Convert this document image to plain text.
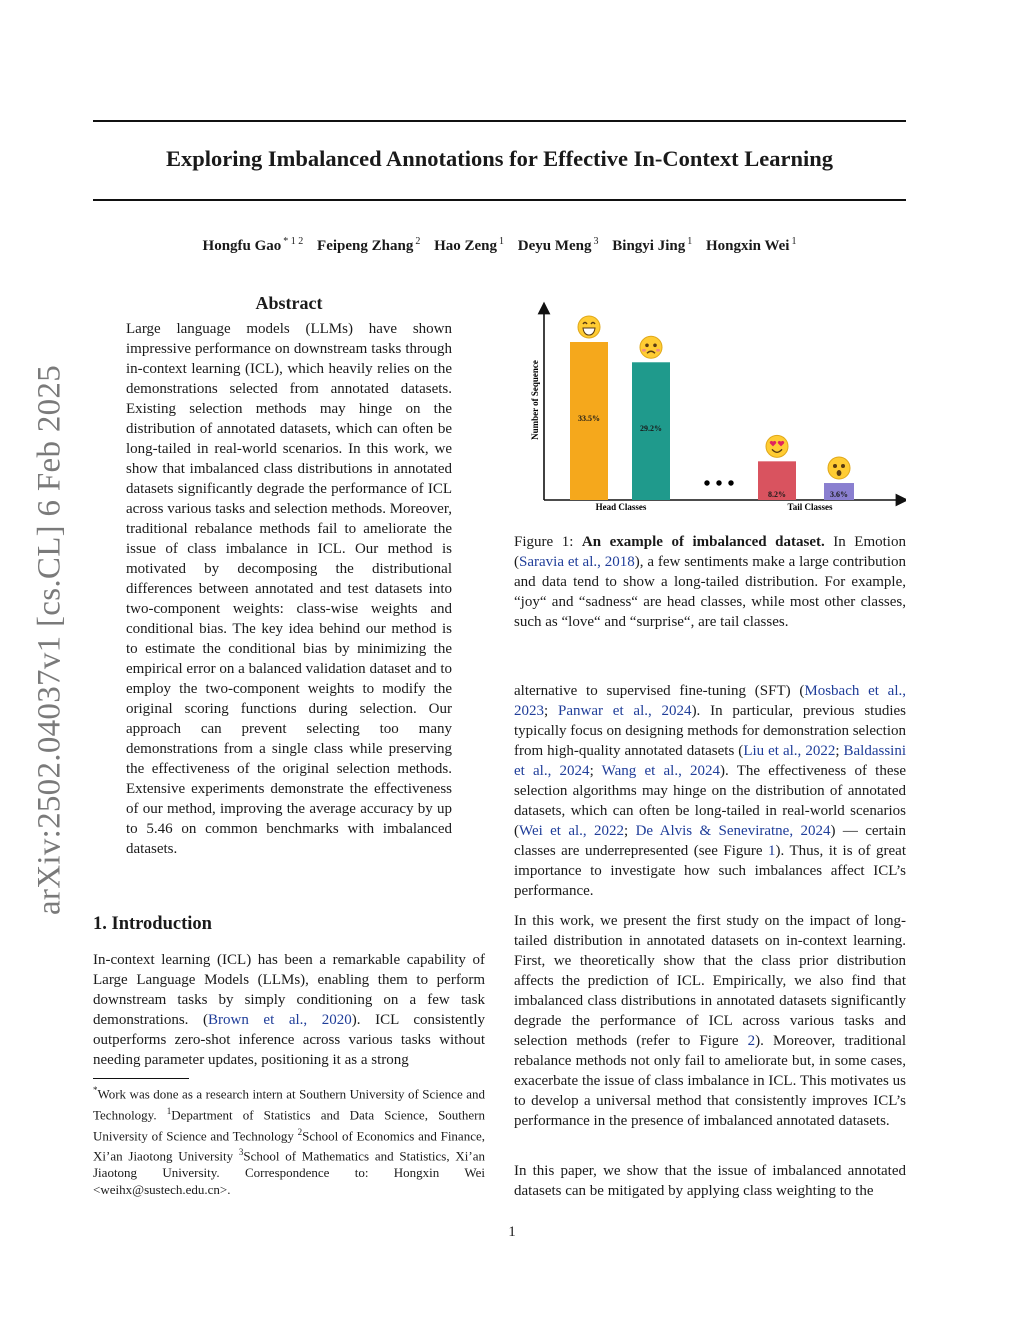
arXiv:2502.04037v1 [cs.CL] 6 Feb 2025
Exploring Imbalanced Annotations for Effective In-Context Learning
Hongfu Gao $^{* 1 2}$ Feipeng Zhang $^2$ Hao Zeng $^1$ Deyu Meng $^3$ Bingyi Jing $^1$ Hongxin Wei $^1$
Abstract
Large language models (LLMs) have shown impressive performance on downstream tasks through in-context learning (ICL), which heavily relies on the demonstrations selected from annotated datasets. Existing selection methods may hinge on the distribution of annotated datasets, which can often be long-tailed in real-world scenarios. In this work, we show that imbalanced class distributions in annotated datasets significantly degrade the performance of ICL across various tasks and selection methods. Moreover, traditional rebalance methods fail to ameliorate the issue of class imbalance in ICL. Our method is motivated by decomposing the distributional differences between annotated and test datasets into two-component weights: class-wise weights and conditional bias. The key idea behind our method is to estimate the conditional bias by minimizing the empirical error on a balanced validation dataset and to employ the two-component weights to modify the original scoring functions during selection. Our approach can prevent selecting too many demonstrations from a single class while preserving the effectiveness of the original selection methods. Extensive experiments demonstrate the effectiveness of our method, improving the average accuracy by up to 5.46 on common benchmarks with imbalanced datasets.
1. Introduction
In-context learning (ICL) has been a remarkable capability of Large Language Models (LLMs), enabling them to perform downstream tasks by simply conditioning on a few task demonstrations. (Brown et al., 2020). ICL consistently outperforms zero-shot inference across various tasks without needing parameter updates, positioning it as a strong
*Work was done as a research intern at Southern University of Science and Technology. $^1$Department of Statistics and Data Science, Southern University of Science and Technology $^2$School of Economics and Finance, Xi’an Jiaotong University $^3$School of Mathematics and Statistics, Xi’an Jiaotong University. Correspondence to: Hongxin Wei <weihx@sustech.edu.cn>.
Number of Sequence
Head Classes	Tail Classes
• • •
33.5%
29.2%
8.2%	3.6%
Figure 1: An example of imbalanced dataset. In Emotion (Saravia et al., 2018), a few sentiments make a large contribution and data tend to show a long-tailed distribution. For example, “joy“ and “sadness“ are head classes, while most other classes, such as “love“ and “surprise“, are tail classes.
alternative to supervised fine-tuning (SFT) (Mosbach et al., 2023; Panwar et al., 2024). In particular, previous studies typically focus on designing methods for demonstration selection from high-quality annotated datasets (Liu et al., 2022; Baldassini et al., 2024; Wang et al., 2024). The effectiveness of these selection algorithms may hinge on the distribution of annotated datasets, which can often be long-tailed in real-world scenarios (Wei et al., 2022; De Alvis & Seneviratne, 2024) — certain classes are underrepresented (see Figure 1). Thus, it is of great importance to investigate how such imbalances affect ICL’s performance.
In this work, we present the first study on the impact of long-tailed distribution in annotated datasets on in-context learning. First, we theoretically show that the class prior distribution affects the prediction of ICL. Empirically, we also find that imbalanced class distributions in annotated datasets significantly degrade the performance of ICL across various tasks and selection methods (refer to Figure 2). Moreover, traditional rebalance methods not only fail to ameliorate but, in some cases, exacerbate the issue of class imbalance in ICL. This motivates us to develop a universal method that consistently improves ICL’s performance in the presence of imbalanced annotated datasets.
In this paper, we show that the issue of imbalanced annotated datasets can be mitigated by applying class weighting to the
1
